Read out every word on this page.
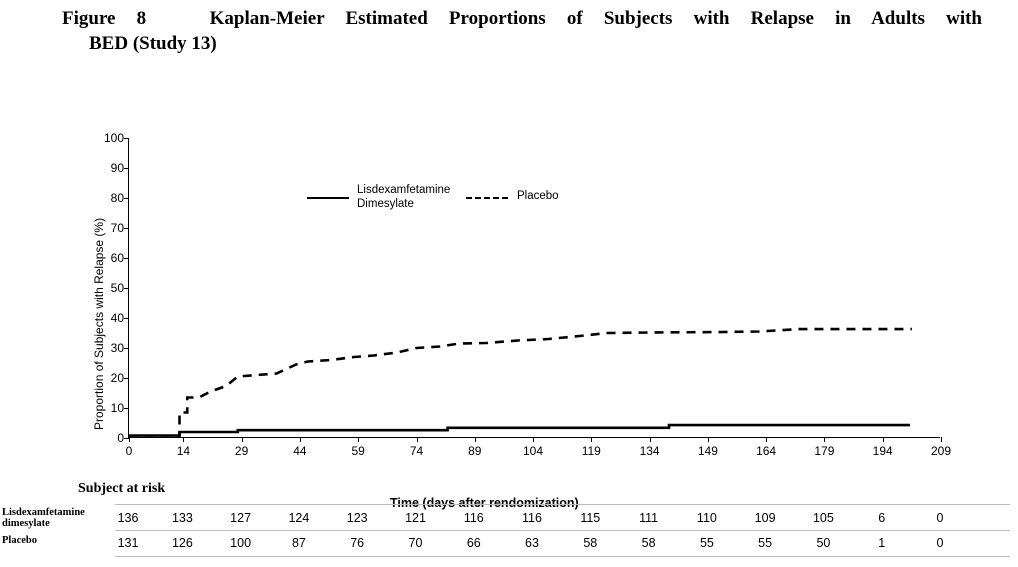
Figure 8	Kaplan-Meier Estimated Proportions of Subjects with Relapse in Adults with
BED (Study 13)
Proportion of Subjects with Relapse (%)
0
10
20
30
40
50
60
70
80
90
100
0	14	29	44	59	74	89	104	119	134	149	164	179	194	209
Lisdexamfetamine
Dimesylate
Placebo
Time (days after rendomization)
Subject at risk
Lisdexamfetamine dimesylate
Placebo
136	133	127	124	123	121	116	116	115	111	110	109	105	6	0
131	126	100	87	76	70	66	63	58	58	55	55	50	1	0
